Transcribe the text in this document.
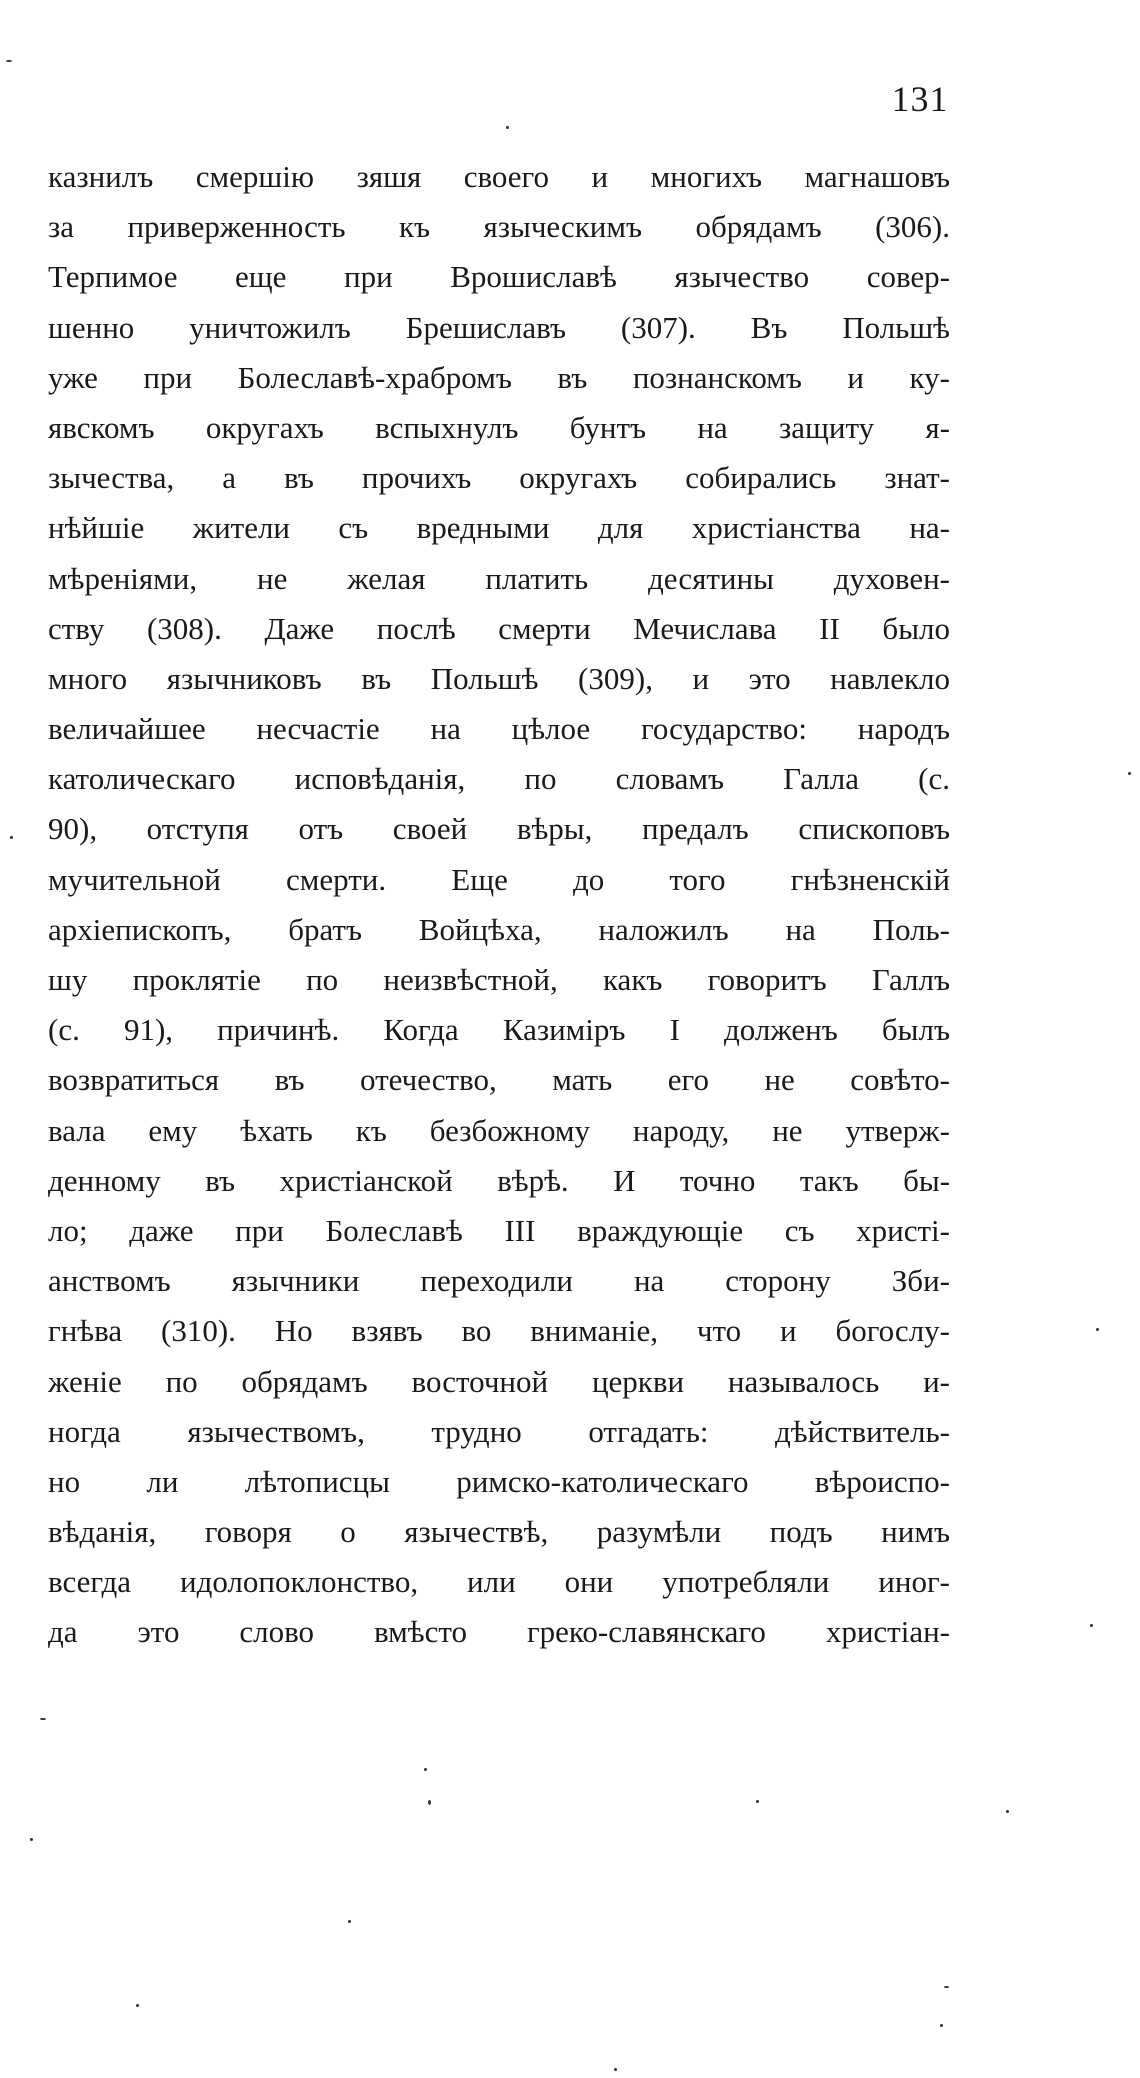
131
казнилъ смершію зяшя своего и многихъ магнашовъ
за приверженность къ языческимъ обрядамъ (306).
Терпимое еще при Врошиславѣ язычество совер-
шенно уничтожилъ Брешиславъ (307). Въ Польшѣ
уже при Болеславѣ-храбромъ въ познанскомъ и ку-
явскомъ округахъ вспыхнулъ бунтъ на защиту я-
зычества, а въ прочихъ округахъ собирались знат-
нѣйшіе жители съ вредными для христіанства на-
мѣреніями, не желая платить десятины духовен-
ству (308). Даже послѣ смерти Мечислава II было
много язычниковъ въ Польшѣ (309), и это навлекло
величайшее несчастіе на цѣлое государство: народъ
католическаго исповѣданія, по словамъ Галла (с.
90), отступя отъ своей вѣры, предалъ спископовъ
мучительной смерти. Еще до того гнѣзненскій
архіепископъ, братъ Войцѣха, наложилъ на Поль-
шу проклятіе по неизвѣстной, какъ говоритъ Галлъ
(с. 91), причинѣ. Когда Казиміръ I долженъ былъ
возвратиться въ отечество, мать его не совѣто-
вала ему ѣхать къ безбожному народу, не утверж-
денному въ христіанской вѣрѣ. И точно такъ бы-
ло; даже при Болеславѣ III враждующіе съ христі-
анствомъ язычники переходили на сторону Зби-
гнѣва (310). Но взявъ во вниманіе, что и богослу-
женіе по обрядамъ восточной церкви называлось и-
ногда язычествомъ, трудно отгадать: дѣйствитель-
но ли лѣтописцы римско-католическаго вѣроиспо-
вѣданія, говоря о язычествѣ, разумѣли подъ нимъ
всегда идолопоклонство, или они употребляли иног-
да это слово вмѣсто греко-славянскаго христіан-
